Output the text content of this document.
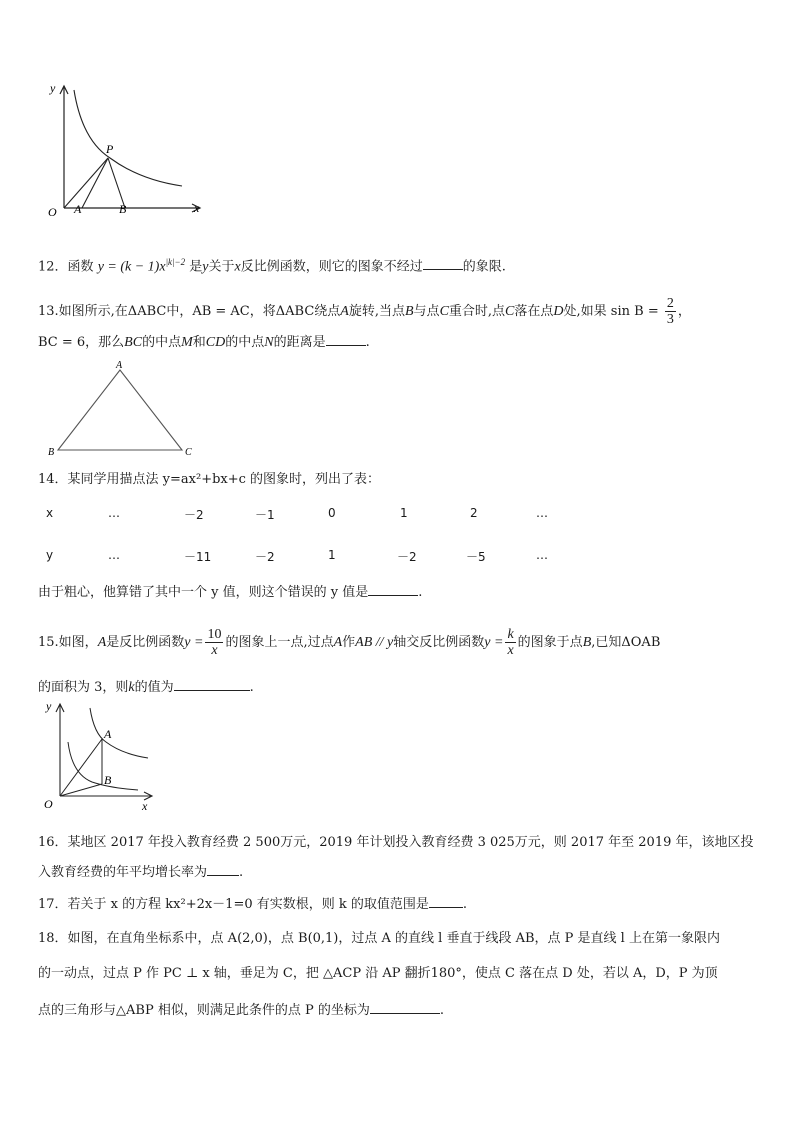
y
P
O A	B	x
12．函数 $y = (k - 1)x^{|k|-2}$ 是y关于x反比例函数，则它的图象不经过	的象限.
13.如图所示,在ΔABC中，AB = AC，将ΔABC绕点A旋转,当点B与点C重合时,点C落在点D处,如果 $\sin B = \frac{2}{3}$ ，
BC = 6，那么BC的中点M和CD的中点N的距离是	.
A
B	C
14．某同学用描点法 y=ax²+bx+c 的图象时，列出了表：
x	…	－2	－1	0	1	2	…
y	…	－11	－2	1	－2	－5	…
由于粗心，他算错了其中一个 y 值，则这个错误的 y 值是	.
15.如图，A是反比例函数$y = \frac{10}{x}$ 的图象上一点,过点A作AB // y轴交反比例函数$y = \frac{k}{x}$ 的图象于点B,已知ΔOAB
的面积为 3，则k的值为	.
y
A
B
O	x
16．某地区 2017 年投入教育经费 2 500万元，2019 年计划投入教育经费 3 025万元，则 2017 年至 2019 年，该地区投
入教育经费的年平均增长率为 .
17．若关于 x 的方程 kx²+2x－1=0 有实数根，则 k 的取值范围是	.
18．如图，在直角坐标系中，点 A(2,0)，点 B(0,1)，过点 A 的直线 l 垂直于线段 AB，点 P 是直线 l 上在第一象限内
的一动点，过点 P 作 PC ⊥ x 轴，垂足为 C，把 △ACP 沿 AP 翻折180°，使点 C 落在点 D 处，若以 A，D，P 为顶
点的三角形与△ABP 相似，则满足此条件的点 P 的坐标为	.
